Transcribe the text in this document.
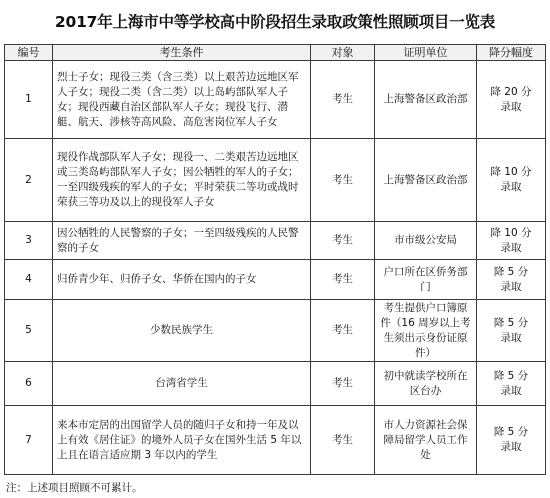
2017年上海市中等学校高中阶段招生录取政策性照顾项目一览表
编号	考生条件	对象	证明单位	降分幅度
1	烈士子女；现役三类（含三类）以上艰苦边远地区军人子女；现役二类（含二类）以上岛屿部队军人子女；现役西藏自治区部队军人子女；现役飞行、潜艇、航天、涉核等高风险、高危害岗位军人子女	考生	上海警备区政治部	降 20 分
录取

2	现役作战部队军人子女；现役一、二类艰苦边远地区或三类岛屿部队军人子女；因公牺牲的军人的子女；一至四级残疾的军人的子女；平时荣获二等功或战时荣获三等功及以上的现役军人子女	考生	上海警备区政治部	降 10 分
录取

3	因公牺牲的人民警察的子女；一至四级残疾的人民警察的子女	考生	市市级公安局	降 10 分
录取

4	归侨青少年、归侨子女、华侨在国内的子女	考生	户口所在区侨务部门	降 5 分
录取

5	少数民族学生	考生	考生提供户口簿原件（16 周岁以上考生须出示身份证原件）	降 5 分
录取

6	台湾省学生	考生	初中就读学校所在区台办	降 5 分
录取

7	来本市定居的出国留学人员的随归子女和持一年及以上有效《居住证》的境外人员子女在国外生活 5 年以上且在语言适应期 3 年以内的学生	考生	市人力资源社会保障局留学人员工作处	降 5 分
录取
注：上述项目照顾不可累计。
